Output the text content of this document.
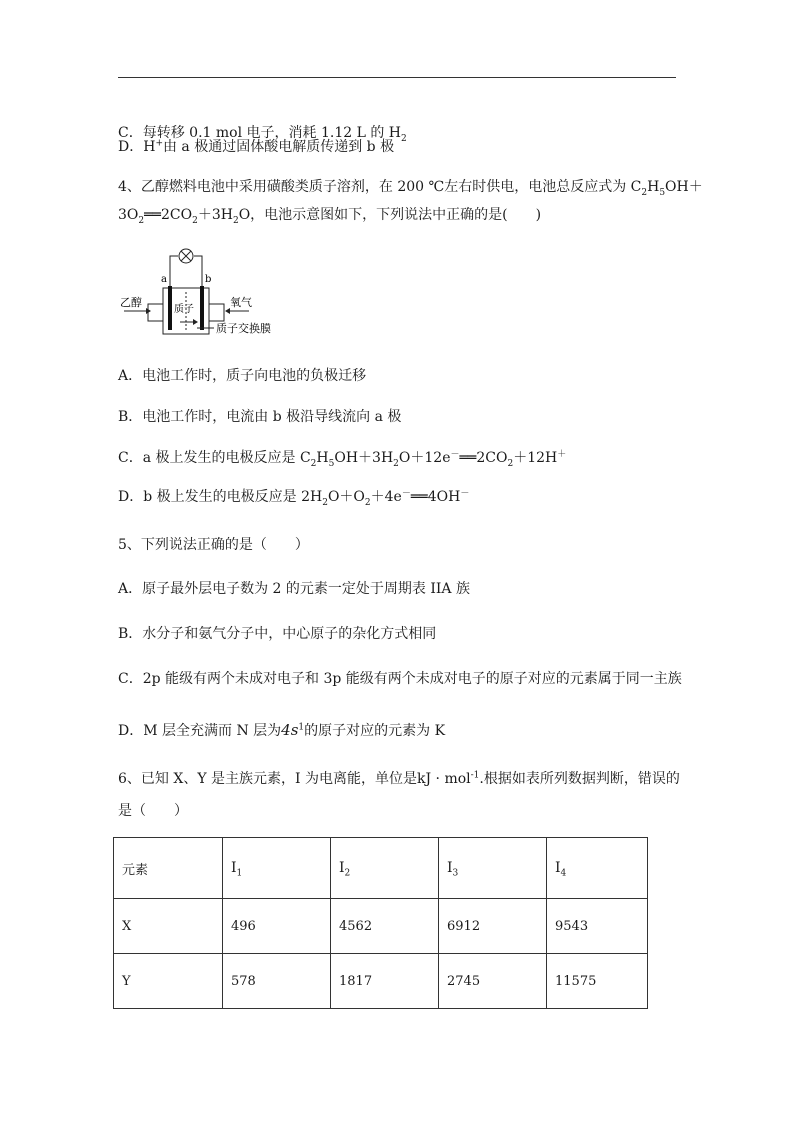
C．每转移 0.1 mol 电子，消耗 1.12 L 的 $H_2$
D．H+由 a 极通过固体酸电解质传递到 b 极
4、乙醇燃料电池中采用磺酸类质子溶剂，在 200 ℃左右时供电，电池总反应式为 $C_2H_5OH+$
$3O_2══2CO_2+3H_2O$，电池示意图如下，下列说法中正确的是(　　)
a	b
乙醇	氧气
质子
质子交换膜
A．电池工作时，质子向电池的负极迁移
B．电池工作时，电流由 b 极沿导线流向 a 极
C．a 极上发生的电极反应是 $C_2H_5OH+3H_2O+12e^-══2CO_2+12H^+$
D．b 极上发生的电极反应是 $2H_2O+O_2+4e^-══4OH^-$
5、下列说法正确的是（　　）
A．原子最外层电子数为 2 的元素一定处于周期表 IIA 族
B．水分子和氨气分子中，中心原子的杂化方式相同
C．2p 能级有两个未成对电子和 3p 能级有两个未成对电子的原子对应的元素属于同一主族
D．M 层全充满而 N 层为$4s^1$的原子对应的元素为 K
6、已知 X、Y 是主族元素，I 为电离能，单位是kJ · mol$^{-1}$.根据如表所列数据判断，错误的
是（　　）
元素	$I_1$	$I_2$	$I_3$	$I_4$
X	496	4562	6912	9543
Y	578	1817	2745	11575
